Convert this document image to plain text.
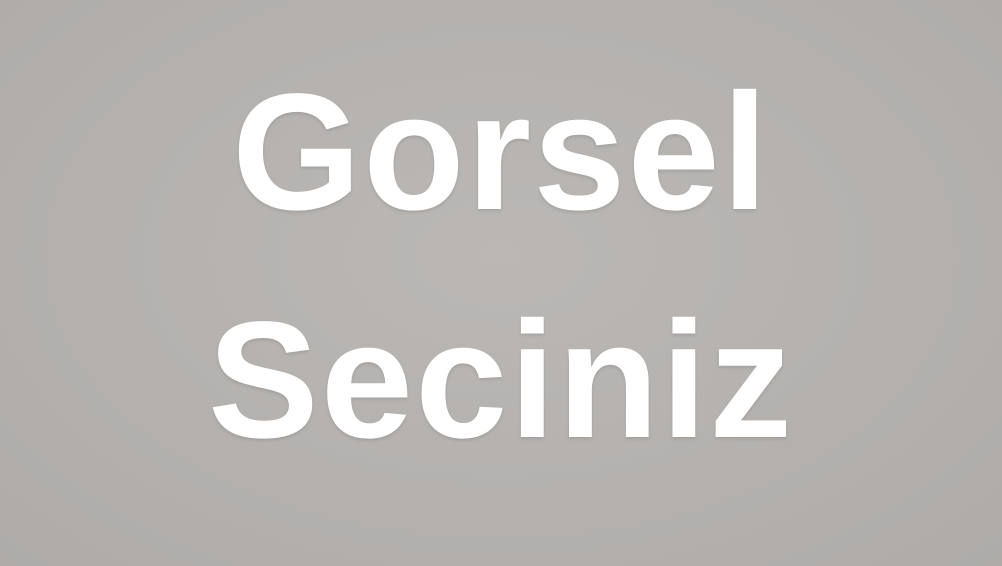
Gorsel
Seciniz
